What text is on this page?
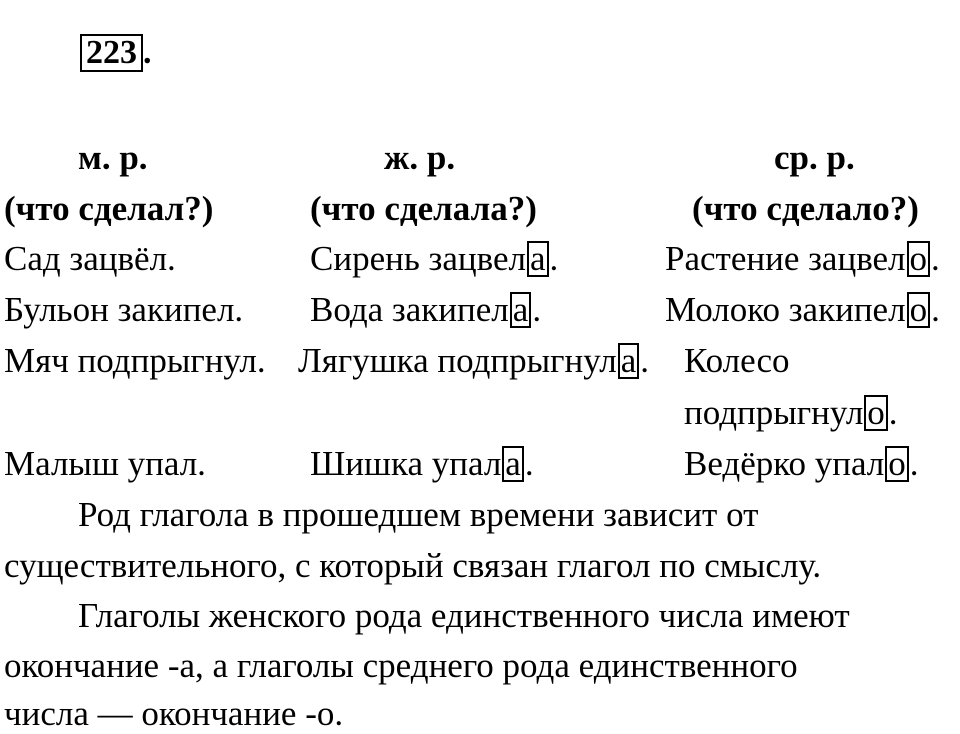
223 .
м. р.	ж. р.	ср. р.
(что сделал?)	(что сделала?)	(что сделало?)
Сад зацвёл.	Сирень зацвел а .	Растение зацвел о .
Бульон закипел. Вода закипел а .	Молоко закипел о .
Мяч подпрыгнул. Лягушка подпрыгнул а . Колесо
подпрыгнул о .
Малыш упал.	Шишка упал а .	Ведёрко упал о .
Род глагола в прошедшем времени зависит от
существительного, с который связан глагол по смыслу.
Глаголы женского рода единственного числа имеют
окончание -а, а глаголы среднего рода единственного
числа — окончание -о.
